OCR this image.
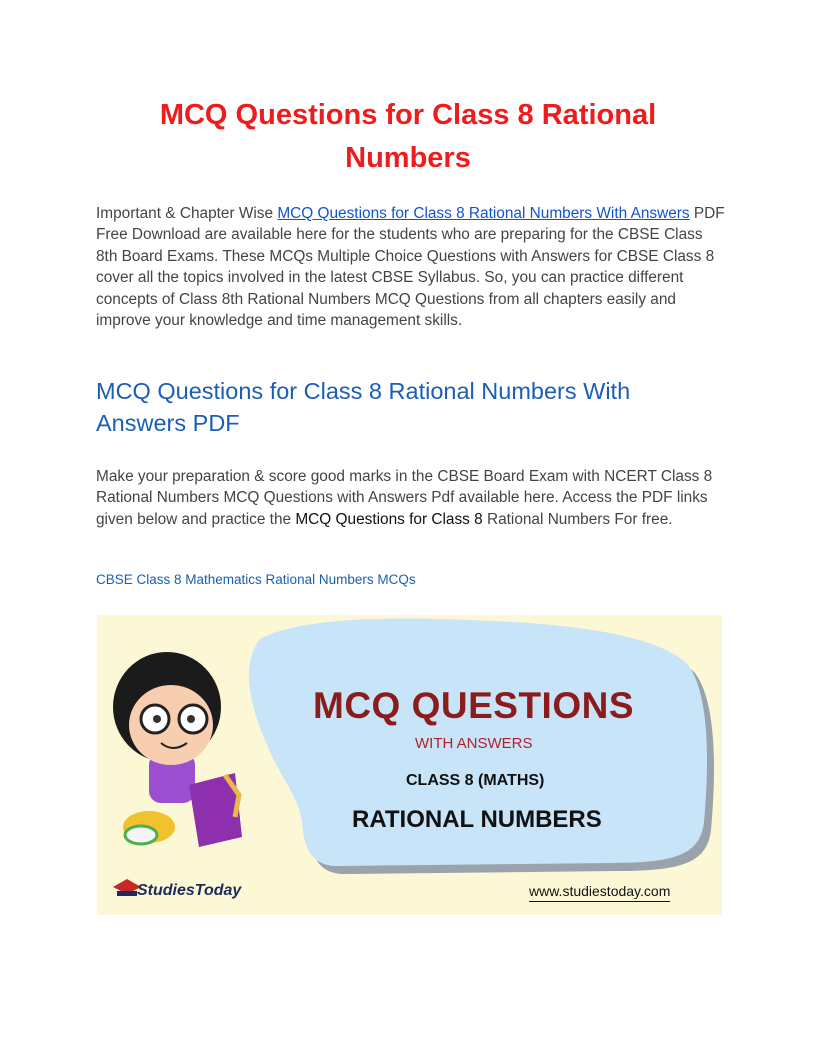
MCQ Questions for Class 8 Rational Numbers

Important & Chapter Wise MCQ Questions for Class 8 Rational Numbers With Answers PDF Free Download are available here for the students who are preparing for the CBSE Class 8th Board Exams. These MCQs Multiple Choice Questions with Answers for CBSE Class 8 cover all the topics involved in the latest CBSE Syllabus. So, you can practice different concepts of Class 8th Rational Numbers MCQ Questions from all chapters easily and improve your knowledge and time management skills.

MCQ Questions for Class 8 Rational Numbers With Answers PDF

Make your preparation & score good marks in the CBSE Board Exam with NCERT Class 8 Rational Numbers MCQ Questions with Answers Pdf available here. Access the PDF links given below and practice the MCQ Questions for Class 8 Rational Numbers For free.

CBSE Class 8 Mathematics Rational Numbers MCQs

MCQ QUESTIONS
WITH ANSWERS
CLASS 8 (MATHS)
RATIONAL NUMBERS
StudiesToday	www.studiestoday.com
